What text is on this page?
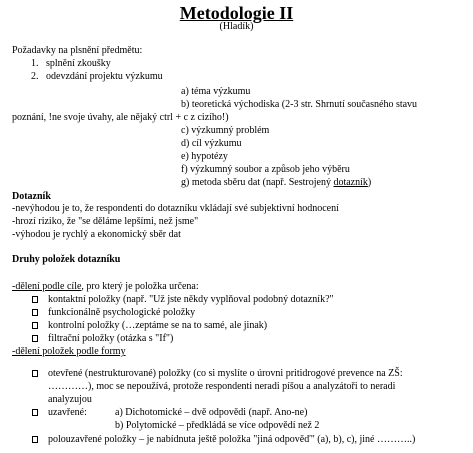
Metodologie II
(Hladík)
Požadavky na plsnění předmětu:
1. splnění zkoušky
2. odevzdání projektu výzkumu
a) téma výzkumu
b) teoretická východiska (2-3 str. Shrnutí současného stavu
poznání, !ne svoje úvahy, ale nějaký ctrl + c z cizího!)
c) výzkumný problém
d) cíl výzkumu
e) hypotézy
f) výzkumný soubor a způsob jeho výběru
g) metoda sběru dat (např. Sestrojený dotazník)
Dotazník
-nevýhodou je to, že respondenti do dotazníku vkládají své subjektivní hodnocení
-hrozí riziko, že "se děláme lepšími, než jsme"
-výhodou je rychlý a ekonomický sběr dat
Druhy položek dotazníku
-dělení podle cíle, pro který je položka určena:
kontaktní položky (např. "Už jste někdy vyplňoval podobný dotazník?"
funkcionálně psychologické položky
kontrolní položky (…zeptáme se na to samé, ale jinak)
filtrační položky (otázka s "If")
-dělení položek podle formy
otevřené (nestrukturované) položky (co si myslíte o úrovni pritidrogové prevence na ZŠ:
…………), moc se nepoužívá, protože respondenti neradi píšou a analyzátoři to neradi
analyzujou
uzavřené:	a) Dichotomické – dvě odpovědi (např. Ano-ne)
b) Polytomické – předkládá se více odpovědí než 2
polouzavřené položky – je nabídnuta ještě položka "jiná odpověď" (a), b), c), jiné ………..)
